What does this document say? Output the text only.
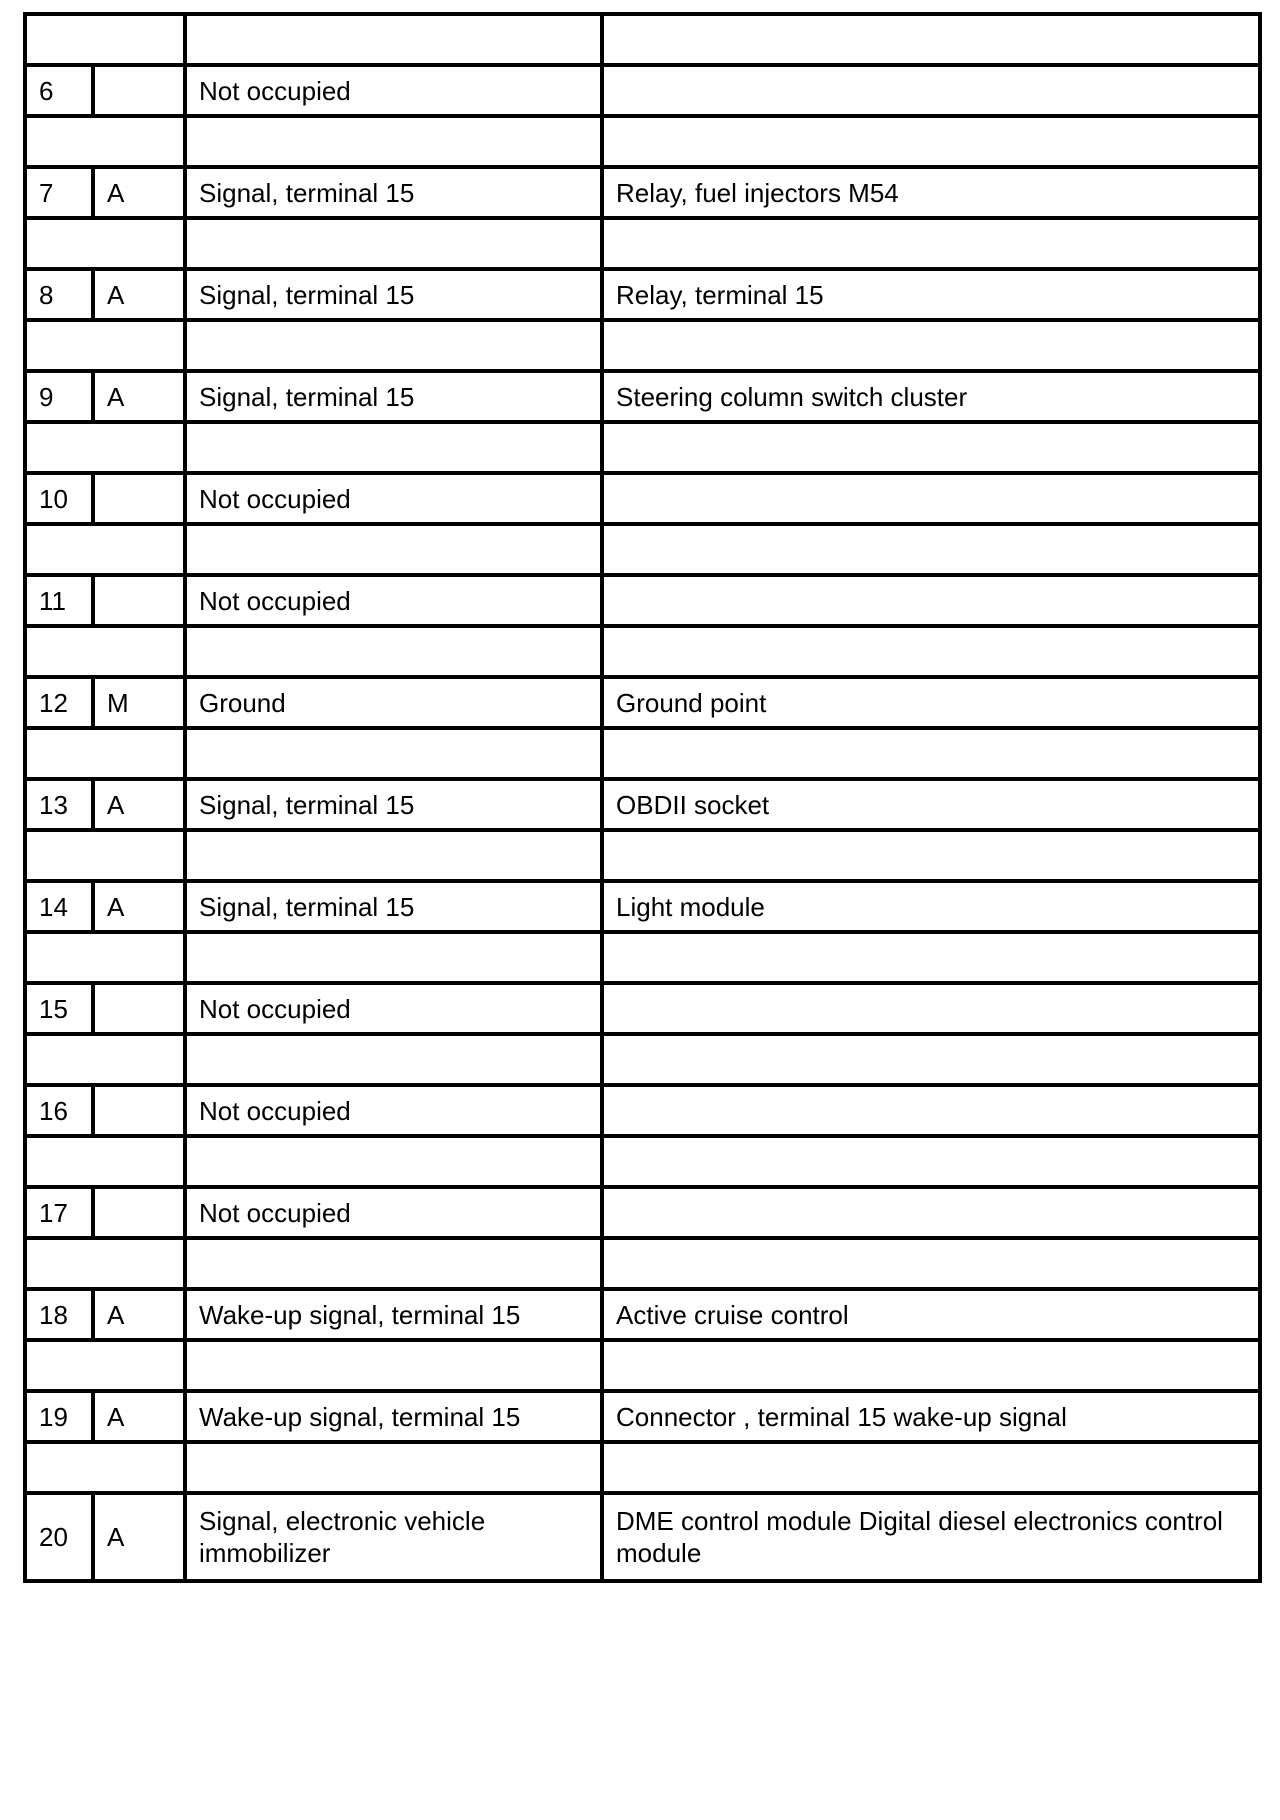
6		Not occupied	

7	A	Signal, terminal 15	Relay, fuel injectors M54

8	A	Signal, terminal 15	Relay, terminal 15

9	A	Signal, terminal 15	Steering column switch cluster

10		Not occupied	

11		Not occupied	

12	M	Ground	Ground point

13	A	Signal, terminal 15	OBDII socket

14	A	Signal, terminal 15	Light module

15		Not occupied	

16		Not occupied	

17		Not occupied	

18	A	Wake-up signal, terminal 15	Active cruise control

19	A	Wake-up signal, terminal 15	Connector , terminal 15 wake-up signal

20	A	Signal, electronic vehicle immobilizer	DME control module Digital diesel electronics control module
